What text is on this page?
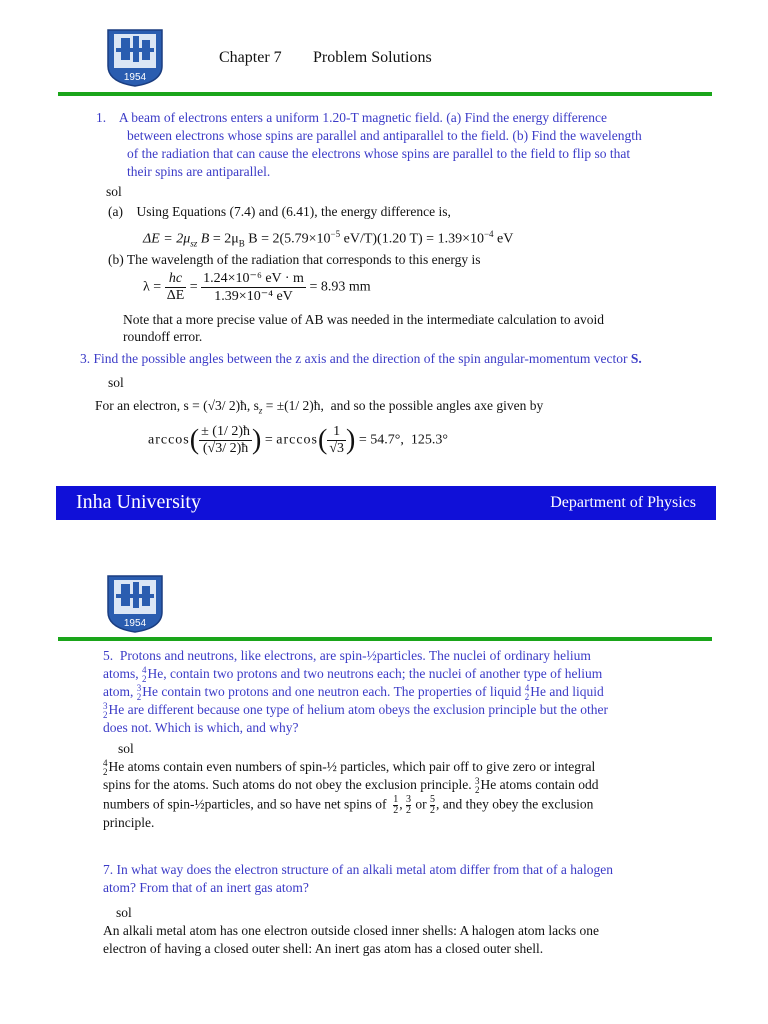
1954
Chapter 7 Problem Solutions
1.    A beam of electrons enters a uniform 1.20-T magnetic field. (a) Find the energy difference
between electrons whose spins are parallel and antiparallel to the field. (b) Find the wavelength
of the radiation that can cause the electrons whose spins are parallel to the field to flip so that
their spins are antiparallel.
sol
(a)    Using Equations (7.4) and (6.41), the energy difference is,
$\Delta E = 2\mu_{sz}$ $B = 2\mu_B$ $B = 2(5.79\times 10^{-5}$ eV/T)(1.20 $T) = 1.39\times 10^{-4}$ eV
(b) The wavelength of the radiation that corresponds to this energy is
$\lambda = \frac{hc}{\Delta E} = \frac{\text{1.24×10⁻⁶ eV · m}}{\text{1.39×10⁻⁴ eV}} = 8.93$ mm
Note that a more precise value of AB was needed in the intermediate calculation to avoid
roundoff error.
3. Find the possible angles between the z axis and the direction of the spin angular-momentum vector S.
sol
For an electron, s = (√3/ 2)ħ, $s_z = \pm(1/$ 2)ħ,  and so the possible angles axe given by
$\arccos( \frac{\pm (1/ 2)ħ}{(√3/ 2)ħ}$ ) = $\arccos( \frac{1}{√3}$ ) = 54.7°,  125.3°
Inha University	Department of Physics
1954
5.  Protons and neutrons, like electrons, are spin-½particles. The nuclei of ordinary helium
atoms, 4
2 He, contain two protons and two neutrons each; the nuclei of another type of helium
atom, 3
2 He contain two protons and one neutron each. The properties of liquid 4
2 He and liquid
3
2 He are different because one type of helium atom obeys the exclusion principle but the other
does not. Which is which, and why?
sol
4
2 He atoms contain even numbers of spin-½ particles, which pair off to give zero or integral
spins for the atoms. Such atoms do not obey the exclusion principle. 3
2 He atoms contain odd
numbers of spin-½particles, and so have net spins of $\frac{1}{2}$ , $\frac{3}{2}$ or $\frac{5}{2}$ , and they obey the exclusion
principle.
7. In what way does the electron structure of an alkali metal atom differ from that of a halogen
atom? From that of an inert gas atom?
sol
An alkali metal atom has one electron outside closed inner shells: A halogen atom lacks one
electron of having a closed outer shell: An inert gas atom has a closed outer shell.
